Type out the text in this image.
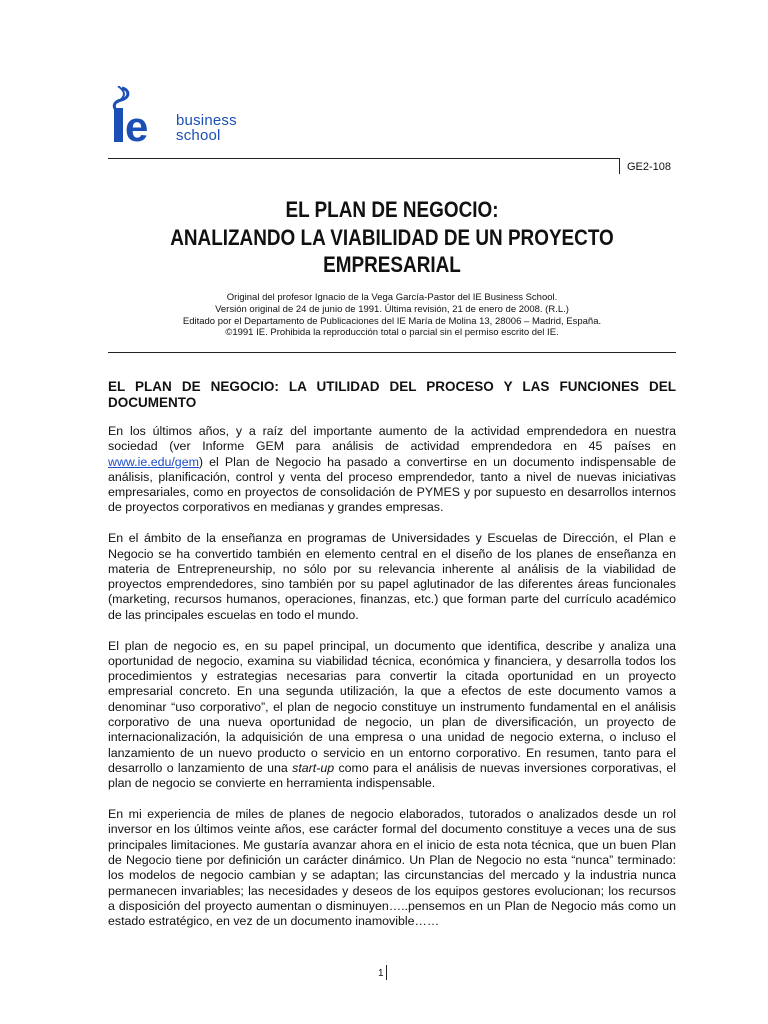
e business
school
GE2-108
EL PLAN DE NEGOCIO:
ANALIZANDO LA VIABILIDAD DE UN PROYECTO
EMPRESARIAL
Original del profesor Ignacio de la Vega García-Pastor del IE Business School.
Versión original de 24 de junio de 1991. Última revisión, 21 de enero de 2008. (R.L.)
Editado por el Departamento de Publicaciones del IE María de Molina 13, 28006 – Madrid, España.
©1991 IE. Prohibida la reproducción total o parcial sin el permiso escrito del IE.
EL PLAN DE NEGOCIO: LA UTILIDAD DEL PROCESO Y LAS FUNCIONES DEL DOCUMENTO

En los últimos años, y a raíz del importante aumento de la actividad emprendedora en nuestra sociedad (ver Informe GEM para análisis de actividad emprendedora en 45 países en www.ie.edu/gem) el Plan de Negocio ha pasado a convertirse en un documento indispensable de análisis, planificación, control y venta del proceso emprendedor, tanto a nivel de nuevas iniciativas empresariales, como en proyectos de consolidación de PYMES y por supuesto en desarrollos internos de proyectos corporativos en medianas y grandes empresas.

En el ámbito de la enseñanza en programas de Universidades y Escuelas de Dirección, el Plan e Negocio se ha convertido también en elemento central en el diseño de los planes de enseñanza en materia de Entrepreneurship, no sólo por su relevancia inherente al análisis de la viabilidad de proyectos emprendedores, sino también por su papel aglutinador de las diferentes áreas funcionales (marketing, recursos humanos, operaciones, finanzas, etc.) que forman parte del currículo académico de las principales escuelas en todo el mundo.

El plan de negocio es, en su papel principal, un documento que identifica, describe y analiza una oportunidad de negocio, examina su viabilidad técnica, económica y financiera, y desarrolla todos los procedimientos y estrategias necesarias para convertir la citada oportunidad en un proyecto empresarial concreto. En una segunda utilización, la que a efectos de este documento vamos a denominar “uso corporativo”, el plan de negocio constituye un instrumento fundamental en el análisis corporativo de una nueva oportunidad de negocio, un plan de diversificación, un proyecto de internacionalización, la adquisición de una empresa o una unidad de negocio externa, o incluso el lanzamiento de un nuevo producto o servicio en un entorno corporativo. En resumen, tanto para el desarrollo o lanzamiento de una start-up como para el análisis de nuevas inversiones corporativas, el plan de negocio se convierte en herramienta indispensable.

En mi experiencia de miles de planes de negocio elaborados, tutorados o analizados desde un rol inversor en los últimos veinte años, ese carácter formal del documento constituye a veces una de sus principales limitaciones. Me gustaría avanzar ahora en el inicio de esta nota técnica, que un buen Plan de Negocio tiene por definición un carácter dinámico. Un Plan de Negocio no esta “nunca” terminado: los modelos de negocio cambian y se adaptan; las circunstancias del mercado y la industria nunca permanecen invariables; las necesidades y deseos de los equipos gestores evolucionan; los recursos a disposición del proyecto aumentan o disminuyen…..pensemos en un Plan de Negocio más como un estado estratégico, en vez de un documento inamovible……

1
